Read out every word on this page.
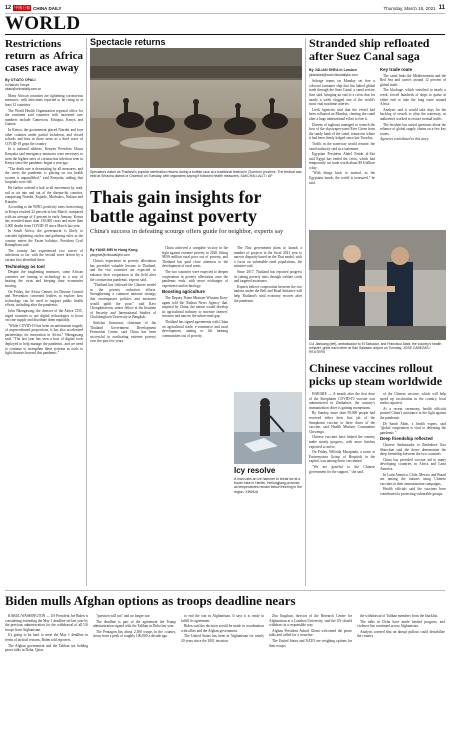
12 中國日報 CHINA DAILY	Thursday, March 18, 2021 11
WORLD
Restrictions return as Africa cases race away
By OTIATO OPALI
in Nairobi, Kenya
otiato@chinadaily.com.cn

Many African countries are tightening coronavirus measures, with infections reported to be rising in at least 12 countries.

The World Health Organization regional office for the continent said countries with increased case numbers include Cameroon, Ethiopia, Kenya and Guinea.

In Kenya, the government placed Nairobi and four other counties under partial lockdown, and closed schools and bars in those areas as a third wave of COVID-19 grips the country.

In a national address, Kenyan President Uhuru Kenyatta said emergency measures were necessary to stem the highest rates of coronavirus infection seen in Kenya since the pandemic began a year ago.

"The death rate is devastating by all measures, and the stress the pandemic is placing on our health system is unparalleled," said Kenyatta, adding that hospitals were full.

He further ordered a halt to all movement by road, rail or air into and out of the disease-hit counties, comprising Nairobi, Kajiado, Machakos, Nakuru and Kiambu.

According to the WHO, positivity rates from testing in Kenya reached 22 percent in late March, compared with an average of 4 percent in early January. Kenya has recorded more than 130,000 cases and more than 2,000 deaths from COVID-19 since March last year.

In South Africa, the government is likely to consider tightening curfew and gathering rules as the country enters the Easter holidays, President Cyril Ramaphosa said.

The country has experienced two waves of infections so far, with the second wave driven by a variant first identified there.

Technology as tool

Despite the toughening measures, some African countries are turning to technology as a way of beating the virus and keeping their economies moving.

On Friday, the Africa Centres for Disease Control and Prevention convened leaders to explore how technology can be used to support public health efforts, including after the pandemic.

John Nkengasong, the director of the Africa CDC, urged countries to use digital technologies to boost vaccine supply and distribute them equitably.

"While COVID-19 has been an unfortunate tragedy of unprecedented proportions, it has also accelerated partnerships for innovation in Africa," Nkengasong said. "The last year has seen a host of digital tools deployed to help manage the pandemic, and we need to continue to strengthen these systems as tools to fight diseases beyond this pandemic."

Spectacle returns
Spectators watch as Thailand's popular celebration returns during a buffalo race at a traditional festival in Chonburi province. The festival was held at Sriracha district of Chonburi on Tuesday, with organizers saying it followed health measures. SAKCHAI LALIT / AP
Thais gain insights for battle against poverty
China's success in defeating scourge offers guide for neighbor, experts say
By YANG MEI in Hong Kong
yangmei@chinadailyhk.com

China's experience in poverty alleviation has provided valuable lessons to Thailand, and the two countries are expected to enhance their cooperation in the field after the coronavirus pandemic, experts said.

"Thailand has followed the Chinese model in the poverty reduction efforts. Strengthening a common national strategy that encompasses policies and measures would uplift the poor," said Kavi Chongkittavorn, senior fellow at the Institute of Security and International Studies of Chulalongkorn University in Bangkok.

Sittichai Jiranuwat, chairman of the Thailand Government Development Promotion Center, said China has been successful in eradicating extreme poverty over the past few years.

China achieved a complete victory in the fight against extreme poverty in 2020, lifting 98.99 million rural poor out of poverty, and Thailand has paid close attention to the development of rural areas.

The two countries were expected to deepen cooperation in poverty alleviation once the pandemic ends, with more exchanges of experience and technology.

Boosting agriculture

The Deputy Prime Minister Wissanu Krea-ngam told the Xinhua News Agency that, inspired by China, the nation would develop its agricultural industry to increase farmers' incomes and narrow the urban-rural gap.

Thailand has signed agreements with China on agricultural trade, e-commerce and rural development, aiming to lift farming communities out of poverty.

The Thai government plans to launch a number of projects in the fiscal 2021 year to narrow disparity based on the Thai model, with a focus on vulnerable rural populations, the minister said.

Since 2017, Thailand has reported progress in cutting poverty rates through welfare cards and targeted assistance.

Experts believe cooperation between the two nations under the Belt and Road Initiative will help Thailand's rural economy recover after the pandemic.

Icy resolve
A man uses an ice hammer to break ice at a frozen lake in Harbin, Heilongjiang province, as temperatures remain below freezing in the region. XINHUA
Stranded ship refloated after Suez Canal saga
By JULIAN SHEA in London
julianshea@mail.chinadailyuk.com

Salvage teams on Monday set free a colossal container ship that has halted global trade through the Suez Canal, a canal service firm said, bringing an end to a crisis that for nearly a week clogged one of the world's most vital maritime arteries.

Lieth Agencies said that the vessel had been refloated on Monday, clearing the canal after a huge international effort to free it.

Dozens of tugboats managed to wrench the bow of the skyscraper-sized Ever Given from the sandy bank of the canal, tomorrow where it had been firmly lodged since last Tuesday.

Traffic in the waterway would resume, the canal authority said in a statement.

Egyptian President Abdel Fattah al-Sisi said Egypt has ended the crisis, which had temporarily cut trade worth about $9.6 billion a day.

"With things back to normal, as the Egyptians hands, the world is reassured," he said.

Key trade route

The canal links the Mediterranean and the Red Sea and carries around 12 percent of global trade.

The blockage, which stretched to nearly a week, forced hundreds of ships to queue at either end or take the long route around Africa.

Analysts said it would take days for the backlog of vessels to clear the waterway, as authorities worked to restore normal traffic.

The incident has raised questions about the reliance of global supply chains on a few key routes.

Agencies contributed to this story.

Cui Jiankang (left), ambassador to El Salvador, and Francisco Alabi, the country's health minister, greet each other at San Salvador airport on Tuesday. JOSE CABEZAS / REUTERS
Chinese vaccines rollout picks up steam worldwide

HARARE — A month after the first dose of the Sinopharm COVID-19 vaccine was administered in Zimbabwe, the country's immunization drive is gaining momentum.

By Sunday, more than 58,000 people had received either their first jab of the Sinopharm vaccine or three doses of the vaccine, said Health Minister Constantino Chiwenga.

Chinese vaccines have helped the country make steady progress, with more batches expected to arrive.

On Friday, Wilfrida Mwapinda, a nurse at Parirenyatwa Group of Hospitals in the capital, was among those vaccinated.

"We are grateful to the Chinese government for the support," she said.

of the Chinese vaccine, which will help speed up vaccination in the country, local media reported.

At a recent ceremony, health officials praised China's assistance in the fight against the pandemic.

Dr Sarah Abdo, a health expert, said "global cooperation is vital to defeating the pandemic."

Deep friendship reflected

Chinese Ambassador to Zimbabwe Guo Shaochun said the doses demonstrate the deep friendship between the two countries.

China has provided vaccine aid to many developing countries in Africa and Latin America.

In Latin America, Chile, Mexico and Brazil are among the nations using Chinese vaccines in their immunization campaigns.

Health officials said the vaccines have contributed to protecting vulnerable groups.

Biden mulls Afghan options as troops deadline nears

KABUL/WASHINGTON — US President Joe Biden is considering extending the May 1 deadline set last year by the previous administration for the withdrawal of all US troops from Afghanistan.

It's going to be hard to meet the May 1 deadline in terms of tactical reasons, Biden told reporters.

The Afghan government and the Taliban are holding peace talks in Doha, Qatar.

"question will not" and no longer sue.

The deadline is part of the agreement the Trump administration signed with the Taliban in Doha last year.

The Pentagon has about 2,500 troops in the country, down from a peak of roughly 100,000 a decade ago.

to end the war in Afghanistan. It says it is ready to fulfill its agreement.

Biden said the decision would be made in coordination with allies and the Afghan government.

The United States has been in Afghanistan for nearly 20 years since the 2001 invasion.

Zhu Jingshun, director of the Research Center for Afghanistan at a Lanzhou University, said the US should withdraw in a responsible way.

Afghan President Ashraf Ghani welcomed the peace talks and called for a ceasefire.

The United States and NATO are weighing options for their troops.

the withdrawal of Taliban members from the blacklist.

The talks in Doha have made limited progress, and violence has continued across Afghanistan.

Analysts warned that an abrupt pullout could destabilize the country.
